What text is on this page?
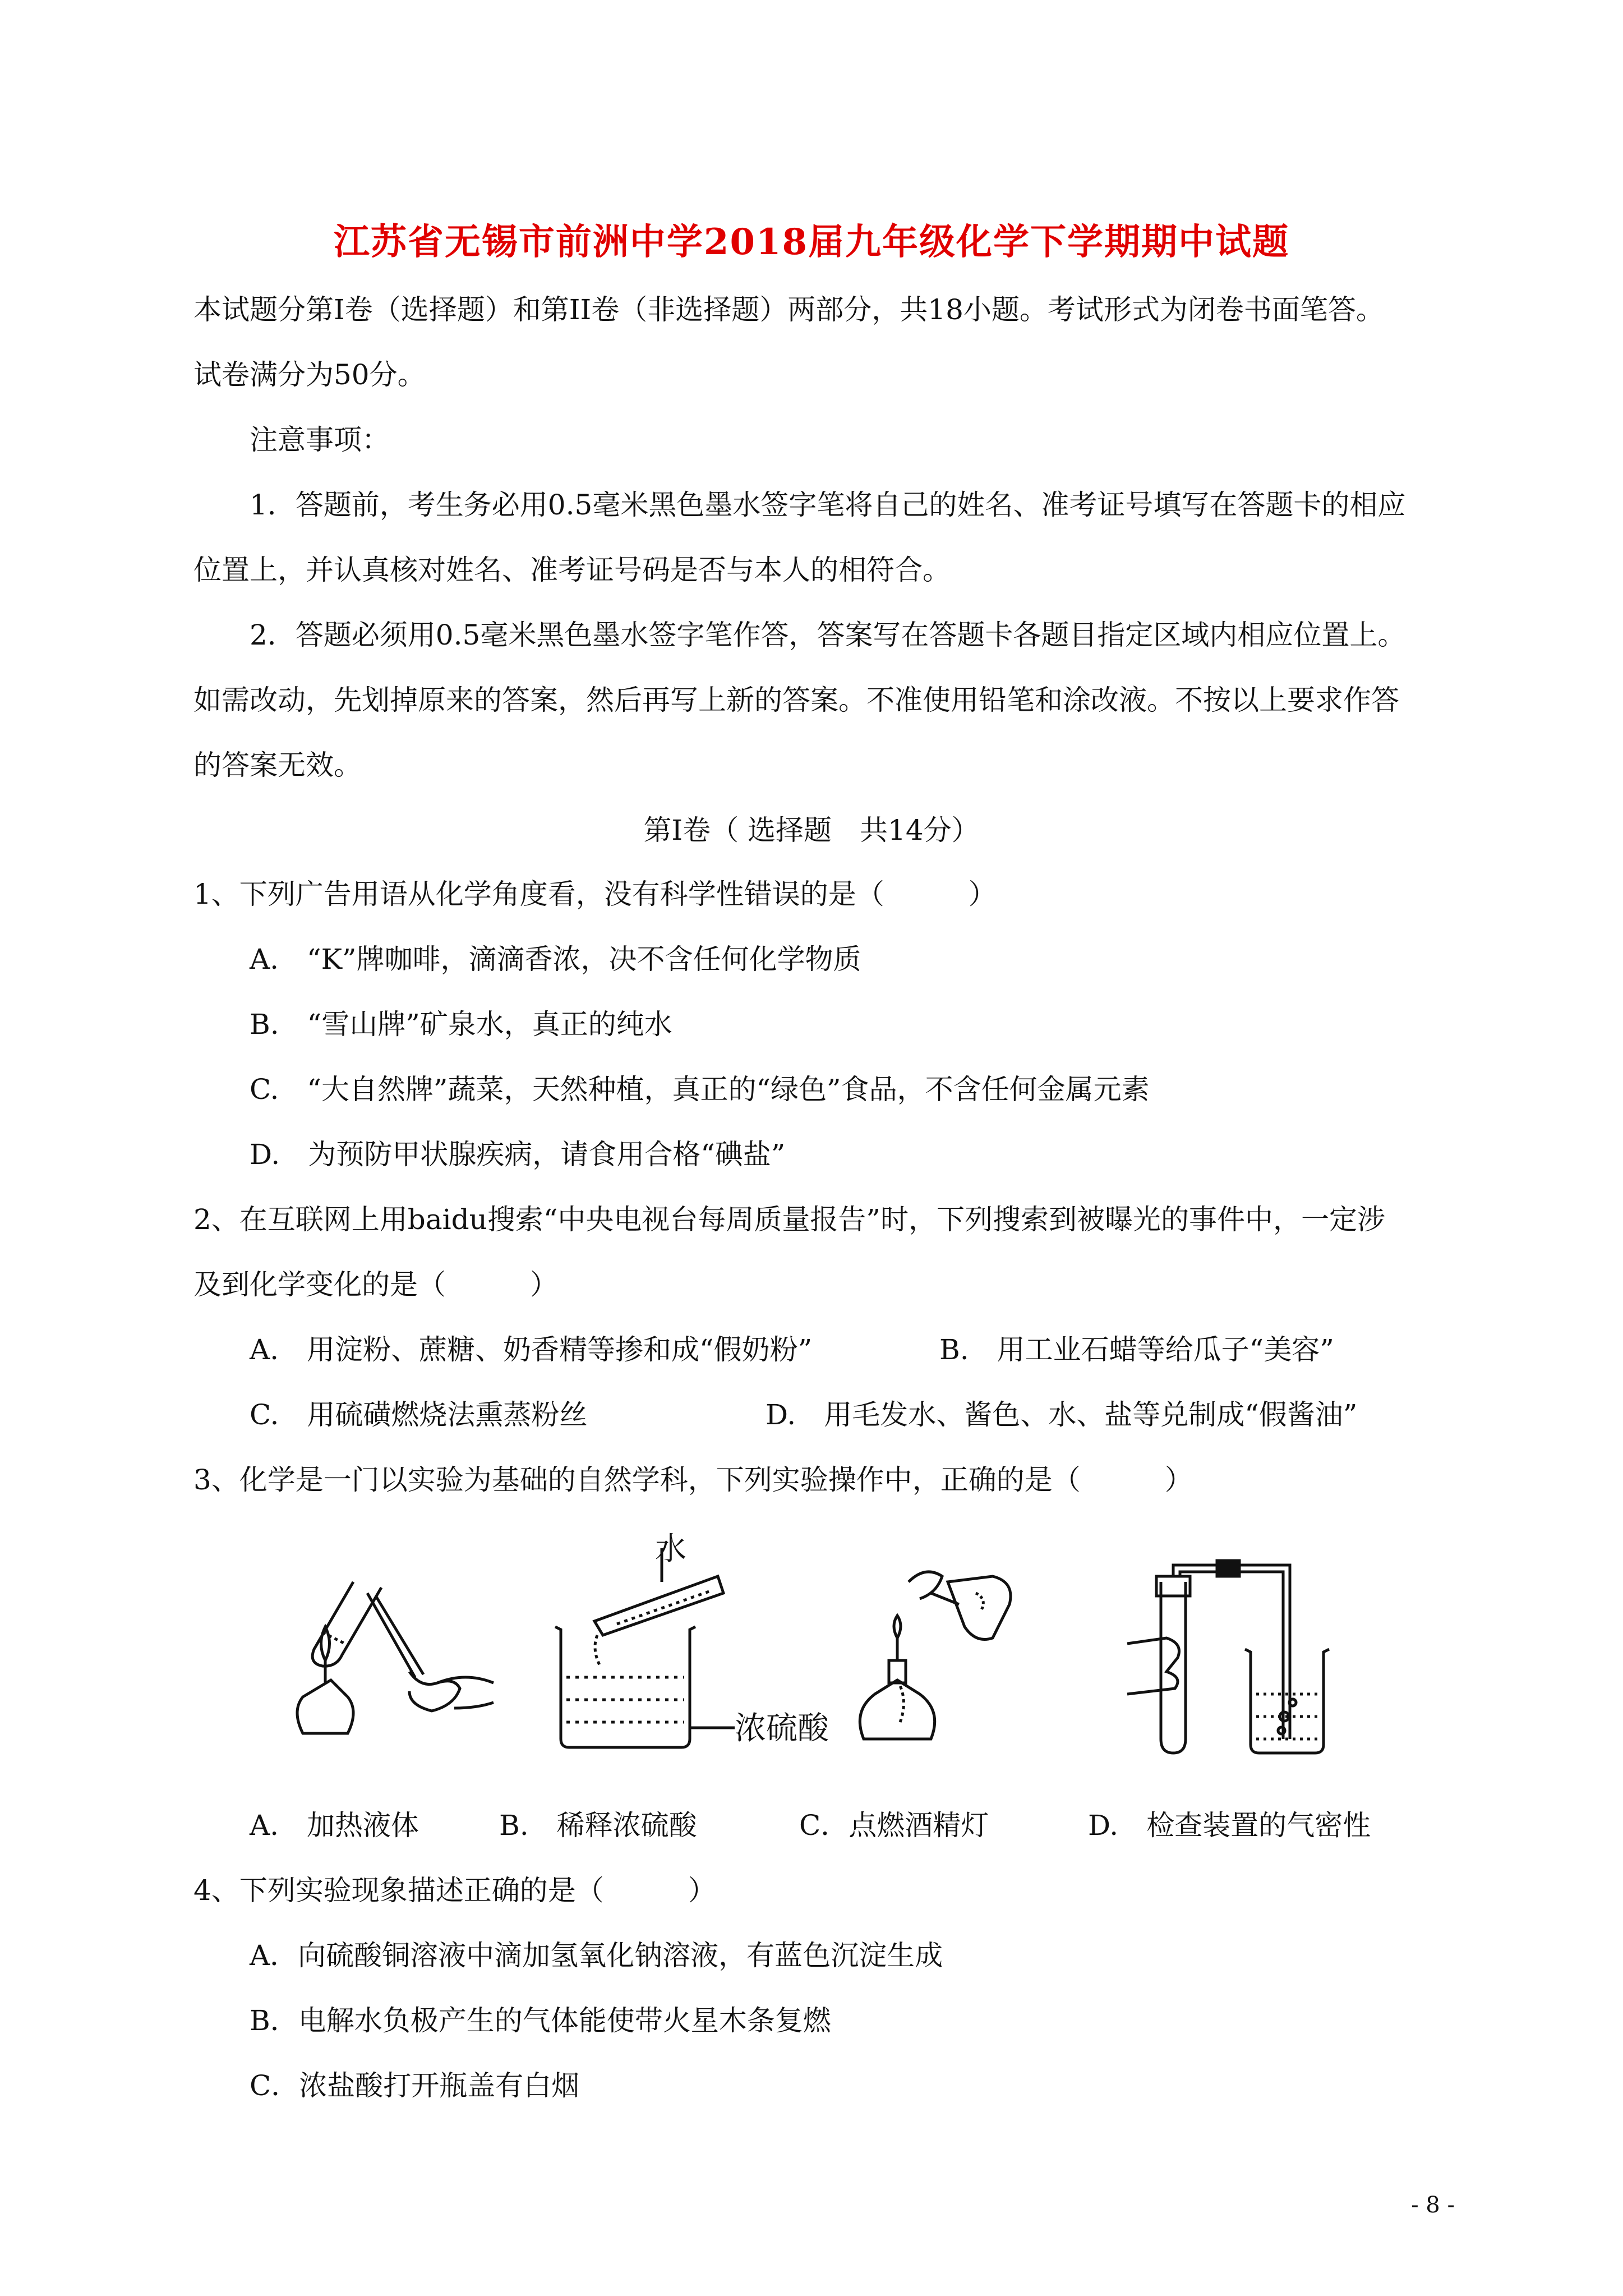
江苏省无锡市前洲中学2018届九年级化学下学期期中试题
本试题分第I卷（选择题）和第II卷（非选择题）两部分，共18小题。考试形式为闭卷书面笔答。
试卷满分为50分。
注意事项：
1．答题前，考生务必用0.5毫米黑色墨水签字笔将自己的姓名、准考证号填写在答题卡的相应
位置上，并认真核对姓名、准考证号码是否与本人的相符合。
2．答题必须用0.5毫米黑色墨水签字笔作答，答案写在答题卡各题目指定区域内相应位置上。
如需改动，先划掉原来的答案，然后再写上新的答案。不准使用铅笔和涂改液。不按以上要求作答
的答案无效。
第I卷（ 选择题　共14分）
1、下列广告用语从化学角度看，没有科学性错误的是（　　　）
A.　“K”牌咖啡，滴滴香浓，决不含任何化学物质
B.　“雪山牌”矿泉水，真正的纯水
C.　“大自然牌”蔬菜，天然种植，真正的“绿色”食品，不含任何金属元素
D.　为预防甲状腺疾病，请食用合格“碘盐”
2、在互联网上用baidu搜索“中央电视台每周质量报告”时，下列搜索到被曝光的事件中，一定涉
及到化学变化的是（　　　）
A.　用淀粉、蔗糖、奶香精等掺和成“假奶粉”	B.　用工业石蜡等给瓜子“美容”
C.　用硫磺燃烧法熏蒸粉丝	D.　用毛发水、酱色、水、盐等兑制成“假酱油”
3、化学是一门以实验为基础的自然学科，下列实验操作中，正确的是（　　　）
水
浓硫酸
A.　加热液体	B.　稀释浓硫酸	C．点燃酒精灯	D.　检查装置的气密性
4、下列实验现象描述正确的是（　　　）
A．向硫酸铜溶液中滴加氢氧化钠溶液，有蓝色沉淀生成
B．电解水负极产生的气体能使带火星木条复燃
C．浓盐酸打开瓶盖有白烟
- 8 -
